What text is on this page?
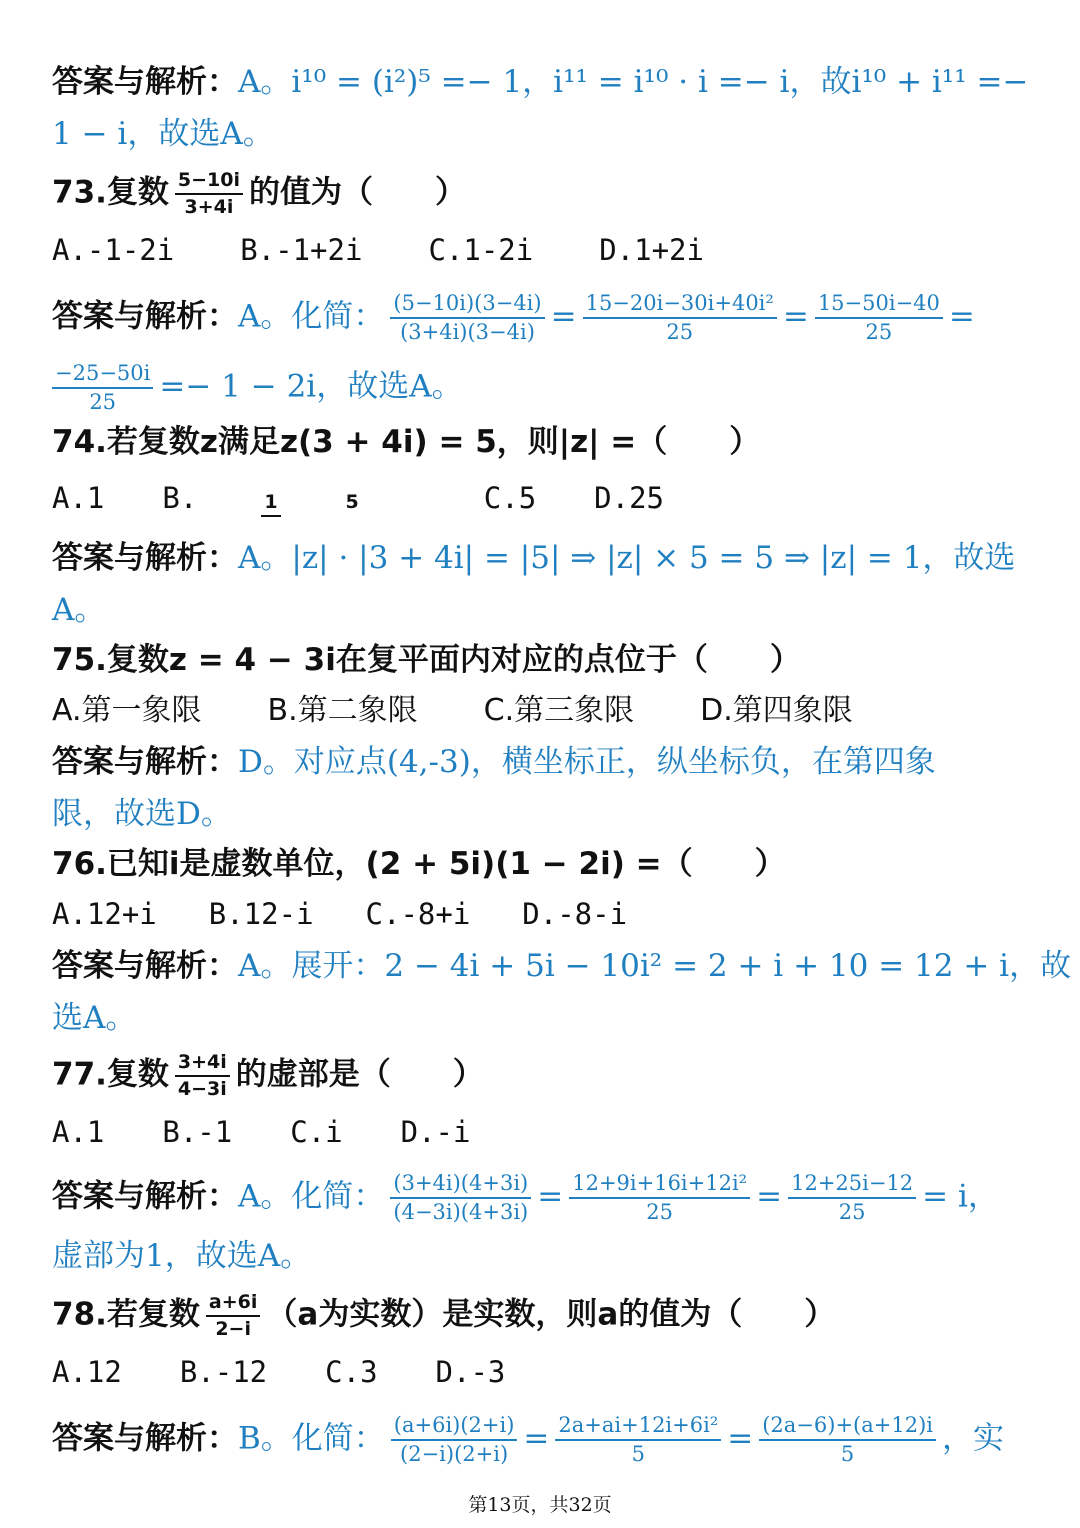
答案与解析：A。i¹⁰ = (i²)⁵ =− 1，i¹¹ = i¹⁰ · i =− i，故i¹⁰ + i¹¹ =−
1 − i，故选A。
73.复数 $\frac{5-10i}{3+4i}$ 的值为（　　）
A.-1-2i B.-1+2i C.1-2i D.1+2i
答案与解析：A。化简： $\frac{(5-10i)(3-4i)}{(3+4i)(3-4i)} = \frac{\text{15−20i−30i+40i²}}{25} = \frac{15-50i-40}{25}$ =
$\frac{-25-50i}{25} =- 1 - 2i$，故选A。
74.若复数z满足z(3 + 4i) = 5，则|z| =（　　）
A.1 B.	1	5	C.5 D.25
答案与解析：A。|z| · |3 + 4i| = |5| ⇒ |z| × 5 = 5 ⇒ |z| = 1，故选
A。
75.复数z = 4 − 3i在复平面内对应的点位于（　　）
A.第一象限 B.第二象限 C.第三象限 D.第四象限
答案与解析：D。对应点(4,-3)，横坐标正，纵坐标负，在第四象
限，故选D。
76.已知i是虚数单位，(2 + 5i)(1 − 2i) =（　　）
A.12+i B.12-i C.-8+i D.-8-i
答案与解析：A。展开：2 − 4i + 5i − 10i² = 2 + i + 10 = 12 + i，故
选A。
77.复数 $\frac{3+4i}{4-3i}$ 的虚部是（　　）
A.1 B.-1 C.i D.-i
答案与解析：A。化简： $\frac{(3+4i)(4+3i)}{(4-3i)(4+3i)} = \frac{\text{12+9i+16i+12i²}}{25} = \frac{12+25i-12}{25} = i$，
虚部为1，故选A。
78.若复数 $\frac{a+6i}{2-i} (a$为实数）是实数，则a的值为（　　）
A.12 B.-12 C.3 D.-3
答案与解析：B。化简： $\frac{(a+6i)(2+i)}{(2-i)(2+i)} = \frac{\text{2a+ai+12i+6i²}}{5} = \frac{(2a-6)+(a+12)i}{5}$ ，实
第13页，共32页
